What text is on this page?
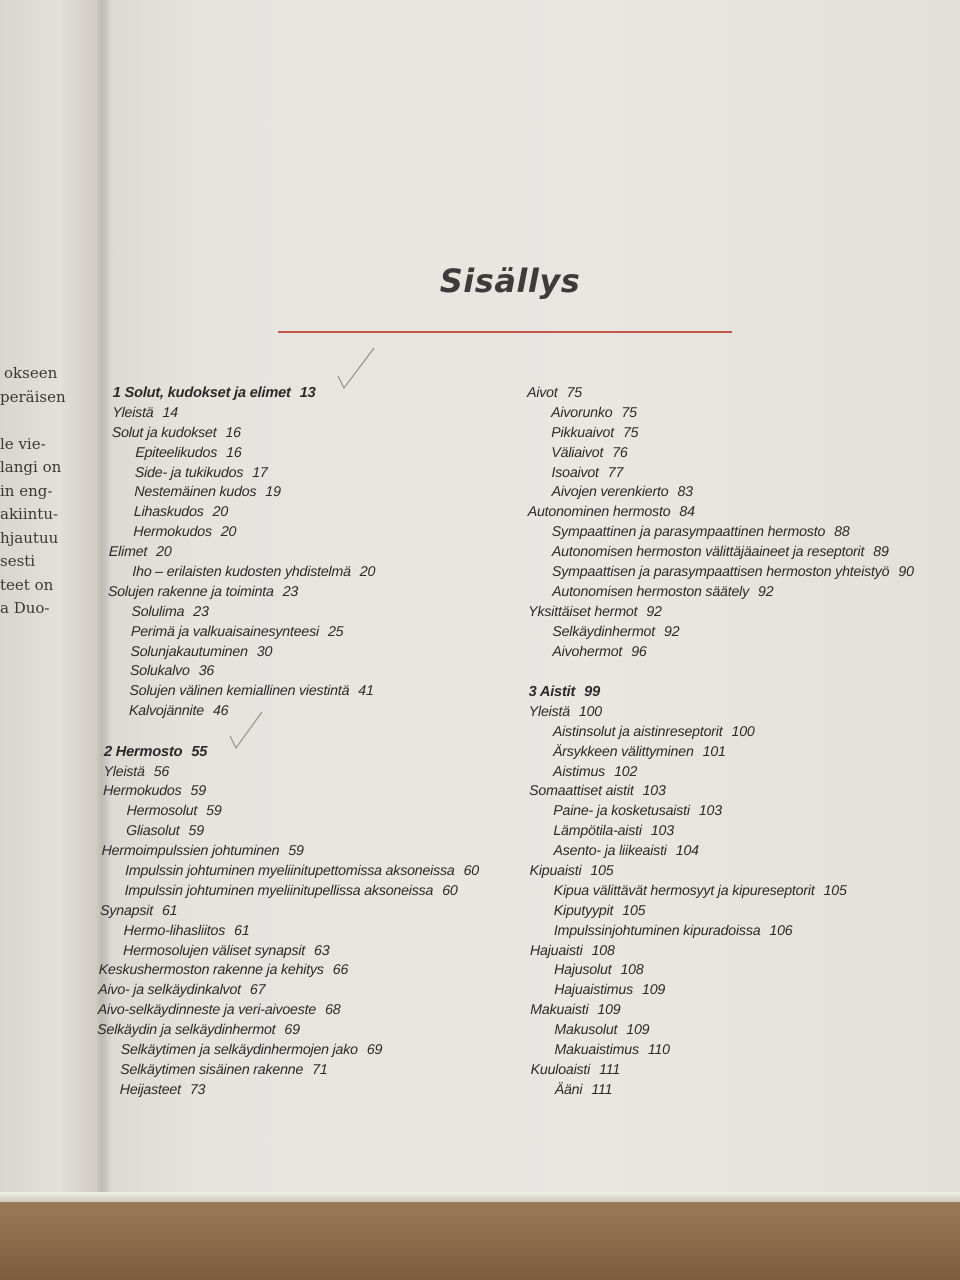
okseen
peräisen

le vie-
langi on
in eng-
akiintu-
hjautuu
sesti
teet on
a Duo-
Sisällys
1 Solut, kudokset ja elimet 13
Yleistä 14
Solut ja kudokset 16
Epiteelikudos 16
Side- ja tukikudos 17
Nestemäinen kudos 19
Lihaskudos 20
Hermokudos 20
Elimet 20
Iho – erilaisten kudosten yhdistelmä 20
Solujen rakenne ja toiminta 23
Solulima 23
Perimä ja valkuaisainesynteesi 25
Solunjakautuminen 30
Solukalvo 36
Solujen välinen kemiallinen viestintä 41
Kalvojännite 46
2 Hermosto 55
Yleistä 56
Hermokudos 59
Hermosolut 59
Gliasolut 59
Hermoimpulssien johtuminen 59
Impulssin johtuminen myeliinitupettomissa aksoneissa 60
Impulssin johtuminen myeliinitupellissa aksoneissa 60
Synapsit 61
Hermo-lihasliitos 61
Hermosolujen väliset synapsit 63
Keskushermoston rakenne ja kehitys 66
Aivo- ja selkäydinkalvot 67
Aivo-selkäydinneste ja veri-aivoeste 68
Selkäydin ja selkäydinhermot 69
Selkäytimen ja selkäydinhermojen jako 69
Selkäytimen sisäinen rakenne 71
Heijasteet 73
Aivot 75
Aivorunko 75
Pikkuaivot 75
Väliaivot 76
Isoaivot 77
Aivojen verenkierto 83
Autonominen hermosto 84
Sympaattinen ja parasympaattinen hermosto 88
Autonomisen hermoston välittäjäaineet ja reseptorit 89
Sympaattisen ja parasympaattisen hermoston yhteistyö 90
Autonomisen hermoston säätely 92
Yksittäiset hermot 92
Selkäydinhermot 92
Aivohermot 96
3 Aistit 99
Yleistä 100
Aistinsolut ja aistinreseptorit 100
Ärsykkeen välittyminen 101
Aistimus 102
Somaattiset aistit 103
Paine- ja kosketusaisti 103
Lämpötila-aisti 103
Asento- ja liikeaisti 104
Kipuaisti 105
Kipua välittävät hermosyyt ja kipureseptorit 105
Kiputyypit 105
Impulssinjohtuminen kipuradoissa 106
Hajuaisti 108
Hajusolut 108
Hajuaistimus 109
Makuaisti 109
Makusolut 109
Makuaistimus 110
Kuuloaisti 111
Ääni 111
